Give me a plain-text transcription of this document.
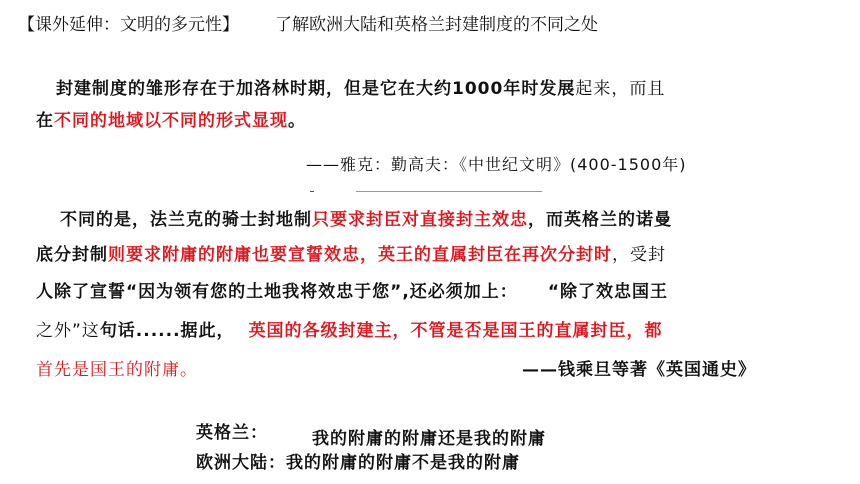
【课外延伸：文明的多元性】 了解欧洲大陆和英格兰封建制度的不同之处
封建制度的雏形存在于加洛林时期，但是它在大约1000年时发展起来，而且
在不同的地域以不同的形式显现。
——雅克：勤高夫：《中世纪文明》(400-1500年)
不同的是，法兰克的骑士封地制只要求封臣对直接封主效忠，而英格兰的诺曼
底分封制则要求附庸的附庸也要宣誓效忠，英王的直属封臣在再次分封时，受封
人除了宣誓“因为领有您的土地我将效忠于您”,还必须加上： “除了效忠国王
之外”这句话......据此， 英国的各级封建主，不管是否是国王的直属封臣，都
首先是国王的附庸。	——钱乘旦等著《英国通史》
英格兰：	我的附庸的附庸还是我的附庸
欧洲大陆：我的附庸的附庸不是我的附庸
